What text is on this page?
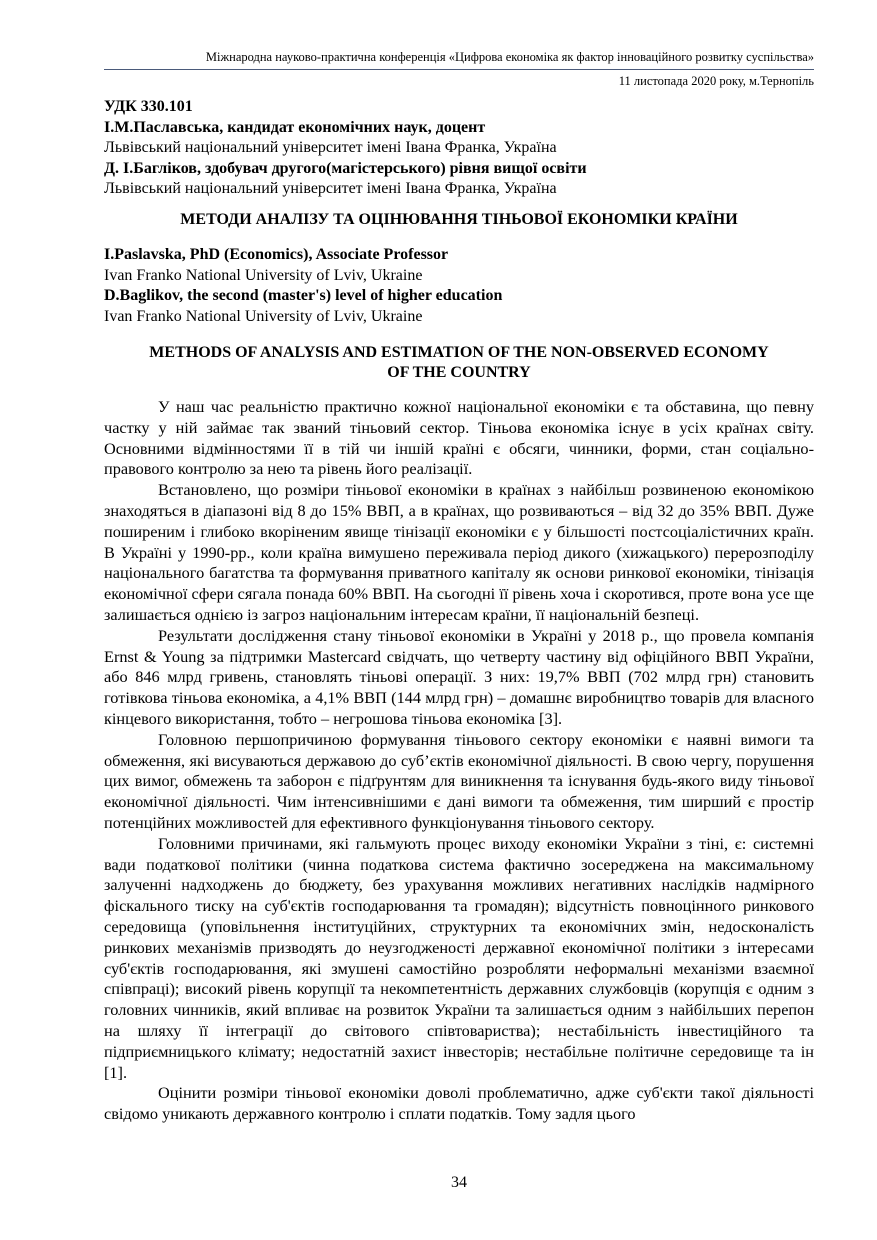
Міжнародна науково-практична конференція «Цифрова економіка як фактор інноваційного розвитку суспільства»
11 листопада 2020 року, м.Тернопіль
УДК 330.101
І.М.Паславська, кандидат економічних наук, доцент
Львівський національний університет імені Івана Франка, Україна
Д. І.Багліков, здобувач другого(магістерського) рівня вищої освіти
Львівський національний університет імені Івана Франка, Україна
МЕТОДИ АНАЛІЗУ ТА ОЦІНЮВАННЯ ТІНЬОВОЇ ЕКОНОМІКИ КРАЇНИ
I.Paslavska, PhD (Economics), Associate Professor
Ivan Franko National University of Lviv, Ukraine
D.Baglikov, the second (master's) level of higher education
Ivan Franko National University of Lviv, Ukraine
METHODS OF ANALYSIS AND ESTIMATION OF THE NON-OBSERVED ECONOMY
OF THE COUNTRY

У наш час реальністю практично кожної національної економіки є та обставина, що певну частку у ній займає так званий тіньовий сектор. Тіньова економіка існує в усіх країнах світу. Основними відмінностями її в тій чи іншій країні є обсяги, чинники, форми, стан соціально-правового контролю за нею та рівень його реалізації.

Встановлено, що розміри тіньової економіки в країнах з найбільш розвиненою економікою знаходяться в діапазоні від 8 до 15% ВВП, а в країнах, що розвиваються – від 32 до 35% ВВП. Дуже поширеним і глибоко вкоріненим явище тінізації економіки є у більшості постсоціалістичних країн. В Україні у 1990-рр., коли країна вимушено переживала період дикого (хижацького) перерозподілу національного багатства та формування приватного капіталу як основи ринкової економіки, тінізація економічної сфери сягала понада 60% ВВП. На сьогодні її рівень хоча і скоротився, проте вона усе ще залишається однією із загроз національним інтересам країни, її національній безпеці.

Результати дослідження стану тіньової економіки в Україні у 2018 р., що провела компанія Ernst & Young за підтримки Mastercard свідчать, що четверту частину від офіційного ВВП України, або 846 млрд гривень, становлять тіньові операції. З них: 19,7% ВВП (702 млрд грн) становить готівкова тіньова економіка, а 4,1% ВВП (144 млрд грн) – домашнє виробництво товарів для власного кінцевого використання, тобто – негрошова тіньова економіка [3].

Головною першопричиною формування тіньового сектору економіки є наявні вимоги та обмеження, які висуваються державою до суб’єктів економічної діяльності. В свою чергу, порушення цих вимог, обмежень та заборон є підґрунтям для виникнення та існування будь-якого виду тіньової економічної діяльності. Чим інтенсивнішими є дані вимоги та обмеження, тим ширший є простір потенційних можливостей для ефективного функціонування тіньового сектору.

Головними причинами, які гальмують процес виходу економіки України з тіні, є: системні вади податкової політики (чинна податкова система фактично зосереджена на максимальному залученні надходжень до бюджету, без урахування можливих негативних наслідків надмірного фіскального тиску на суб'єктів господарювання та громадян); відсутність повноцінного ринкового середовища (уповільнення інституційних, структурних та економічних змін, недосконалість ринкових механізмів призводять до неузгодженості державної економічної політики з інтересами суб'єктів господарювання, які змушені самостійно розробляти неформальні механізми взаємної співпраці); високий рівень корупції та некомпетентність державних службовців (корупція є одним з головних чинників, який впливає на розвиток України та залишається одним з найбільших перепон на шляху її інтеграції до світового співтовариства); нестабільність інвестиційного та підприємницького клімату; недостатній захист інвесторів; нестабільне політичне середовище та ін [1].

Оцінити розміри тіньової економіки доволі проблематично, адже суб'єкти такої діяльності свідомо уникають державного контролю і сплати податків. Тому задля цього

34
